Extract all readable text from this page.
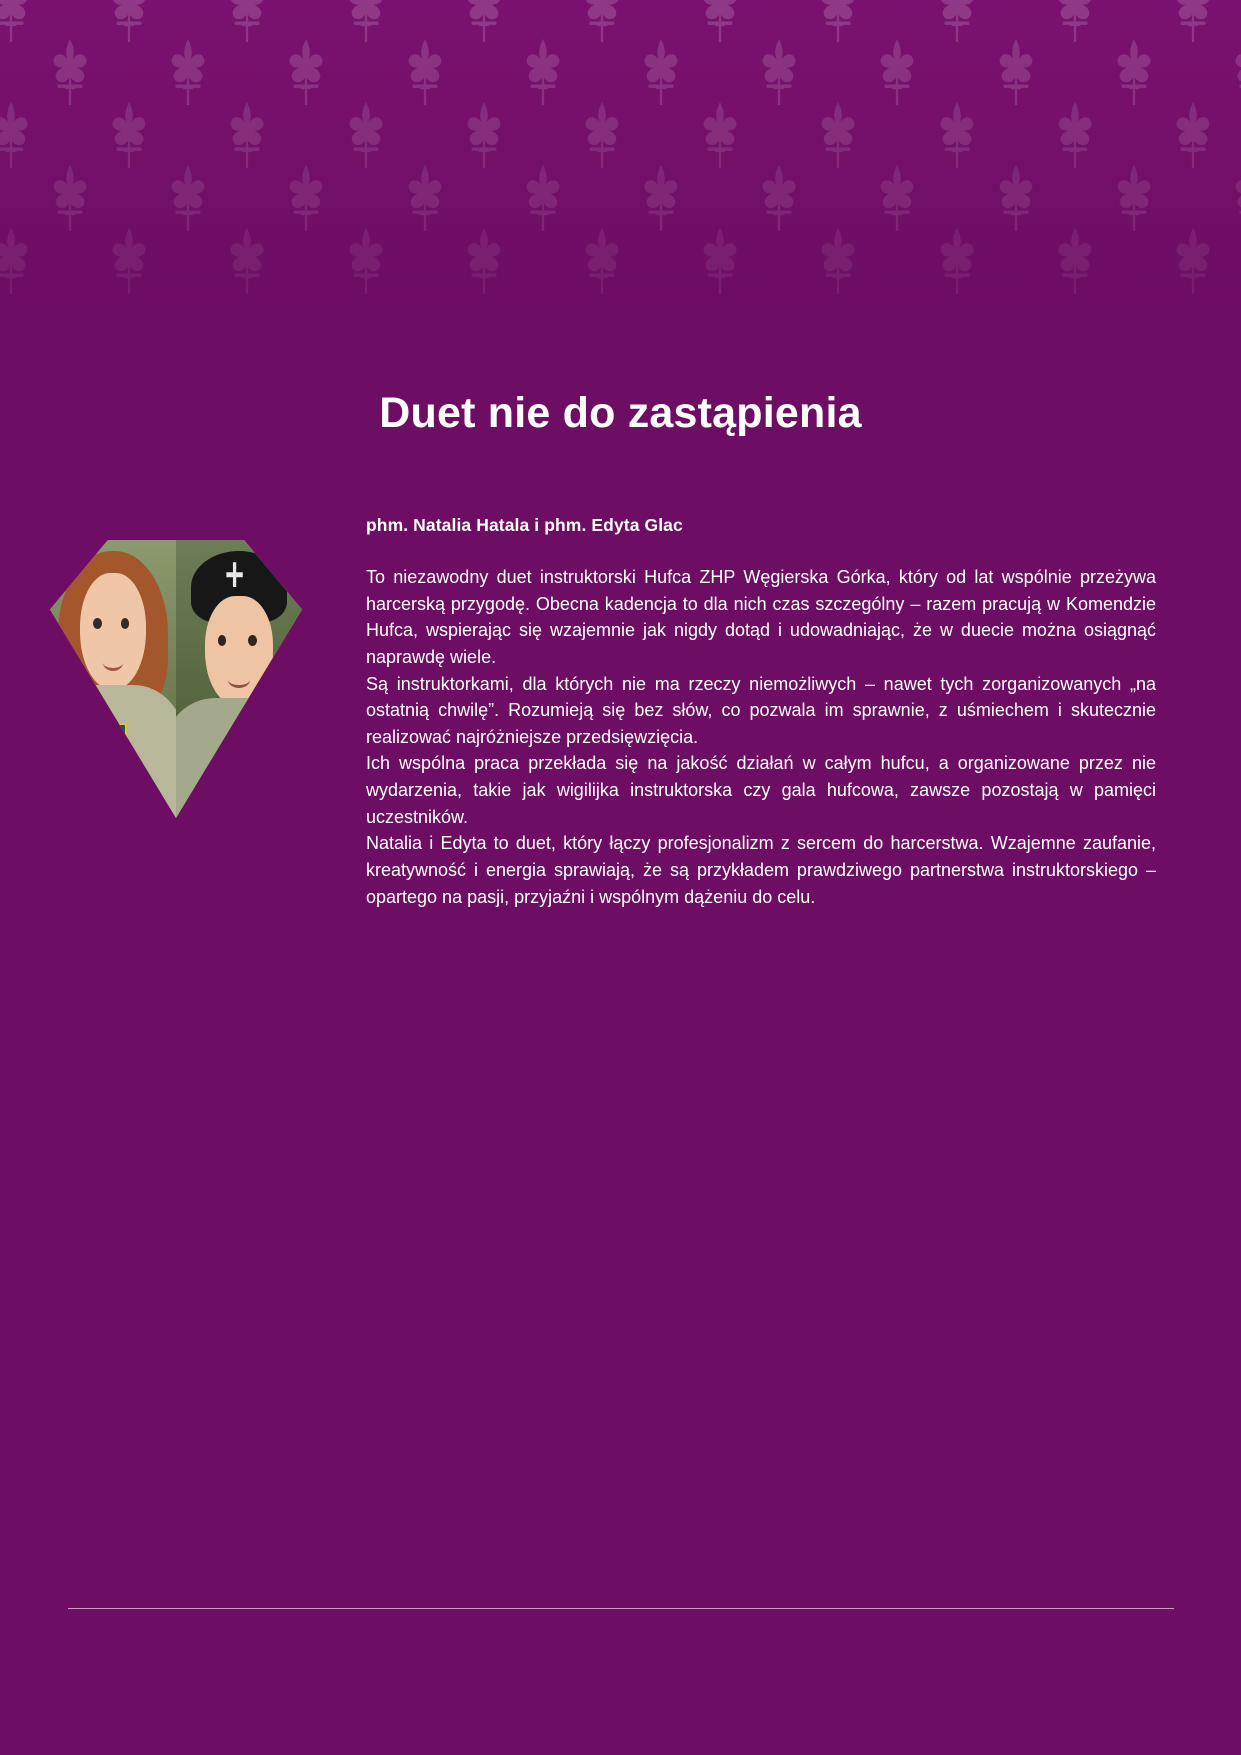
Duet nie do zastąpienia

phm. Natalia Hatala i phm. Edyta Glac

To niezawodny duet instruktorski Hufca ZHP Węgierska Górka, który od lat wspólnie przeżywa harcerską przygodę. Obecna kadencja to dla nich czas szczególny – razem pracują w Komendzie Hufca, wspierając się wzajemnie jak nigdy dotąd i udowadniając, że w duecie można osiągnąć naprawdę wiele.

Są instruktorkami, dla których nie ma rzeczy niemożliwych – nawet tych zorganizowanych „na ostatnią chwilę”. Rozumieją się bez słów, co pozwala im sprawnie, z uśmiechem i skutecznie realizować najróżniejsze przedsięwzięcia.

Ich wspólna praca przekłada się na jakość działań w całym hufcu, a organizowane przez nie wydarzenia, takie jak wigilijka instruktorska czy gala hufcowa, zawsze pozostają w pamięci uczestników.

Natalia i Edyta to duet, który łączy profesjonalizm z sercem do harcerstwa. Wzajemne zaufanie, kreatywność i energia sprawiają, że są przykładem prawdziwego partnerstwa instruktorskiego – opartego na pasji, przyjaźni i wspólnym dążeniu do celu.
